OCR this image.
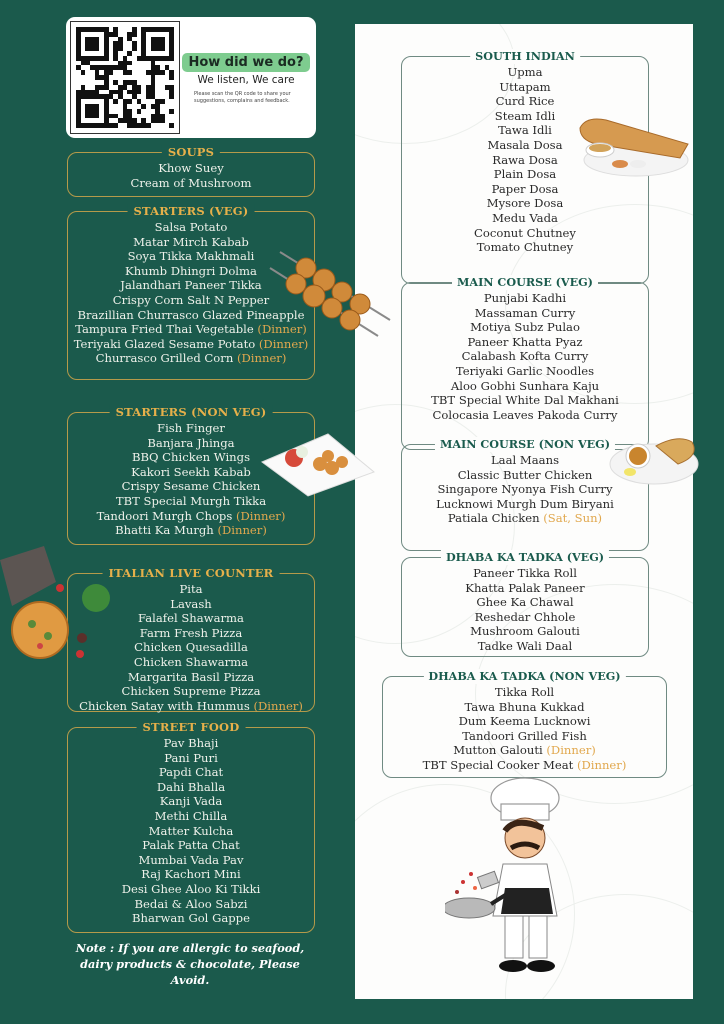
How did we do?
We listen, We care
Please scan the QR code to share your suggestions, complains and feedback.
SOUPS
Khow Suey
Cream of Mushroom
STARTERS (VEG)
Salsa Potato
Matar Mirch Kabab
Soya Tikka Makhmali
Khumb Dhingri Dolma
Jalandhari Paneer Tikka
Crispy Corn Salt N Pepper
Brazillian Churrasco Glazed Pineapple
Tampura Fried Thai Vegetable (Dinner)
Teriyaki Glazed Sesame Potato (Dinner)
Churrasco Grilled Corn (Dinner)
STARTERS (NON VEG)
Fish Finger
Banjara Jhinga
BBQ Chicken Wings
Kakori Seekh Kabab
Crispy Sesame Chicken
TBT Special Murgh Tikka
Tandoori Murgh Chops (Dinner)
Bhatti Ka Murgh (Dinner)
ITALIAN LIVE COUNTER
Pita
Lavash
Falafel Shawarma
Farm Fresh Pizza
Chicken Quesadilla
Chicken Shawarma
Margarita Basil Pizza
Chicken Supreme Pizza
Chicken Satay with Hummus (Dinner)
STREET FOOD
Pav Bhaji
Pani Puri
Papdi Chat
Dahi Bhalla
Kanji Vada
Methi Chilla
Matter Kulcha
Palak Patta Chat
Mumbai Vada Pav
Raj Kachori Mini
Desi Ghee Aloo Ki Tikki
Bedai & Aloo Sabzi
Bharwan Gol Gappe
Note : If you are allergic to seafood,
dairy products & chocolate, Please Avoid.
SOUTH INDIAN
Upma
Uttapam
Curd Rice
Steam Idli
Tawa Idli
Masala Dosa
Rawa Dosa
Plain Dosa
Paper Dosa
Mysore Dosa
Medu Vada
Coconut Chutney
Tomato Chutney
MAIN COURSE (VEG)
Punjabi Kadhi
Massaman Curry
Motiya Subz Pulao
Paneer Khatta Pyaz
Calabash Kofta Curry
Teriyaki Garlic Noodles
Aloo Gobhi Sunhara Kaju
TBT Special White Dal Makhani
Colocasia Leaves Pakoda Curry
MAIN COURSE (NON VEG)
Laal Maans
Classic Butter Chicken
Singapore Nyonya Fish Curry
Lucknowi Murgh Dum Biryani
Patiala Chicken (Sat, Sun)
DHABA KA TADKA (VEG)
Paneer Tikka Roll
Khatta Palak Paneer
Ghee Ka Chawal
Reshedar Chhole
Mushroom Galouti
Tadke Wali Daal
DHABA KA TADKA (NON VEG)
Tikka Roll
Tawa Bhuna Kukkad
Dum Keema Lucknowi
Tandoori Grilled Fish
Mutton Galouti (Dinner)
TBT Special Cooker Meat (Dinner)
